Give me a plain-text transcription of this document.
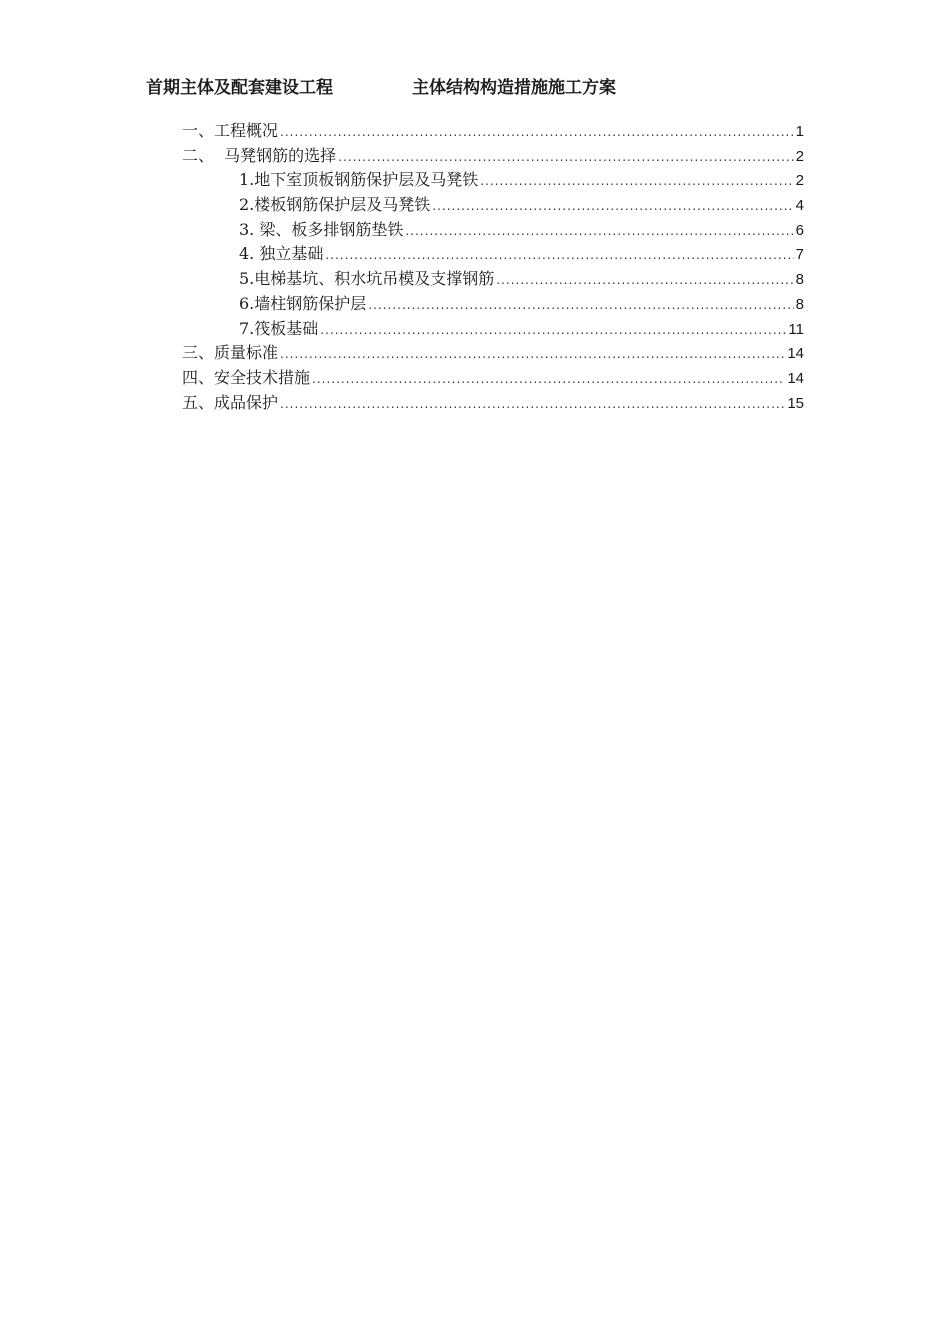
首期主体及配套建设工程	主体结构构造措施施工方案
一、工程概况 .....	1
二、  马凳钢筋的选择 .....	2
1.地下室顶板钢筋保护层及马凳铁 .....	2
2.楼板钢筋保护层及马凳铁 .....	4
3. 梁、板多排钢筋垫铁 .....	6
4. 独立基础 .....	7
5.电梯基坑、积水坑吊模及支撑钢筋 .....	8
6.墙柱钢筋保护层 .....	8
7.筏板基础 .....	11
三、质量标准 .....	14
四、安全技术措施 .....	14
五、成品保护 .....	15
